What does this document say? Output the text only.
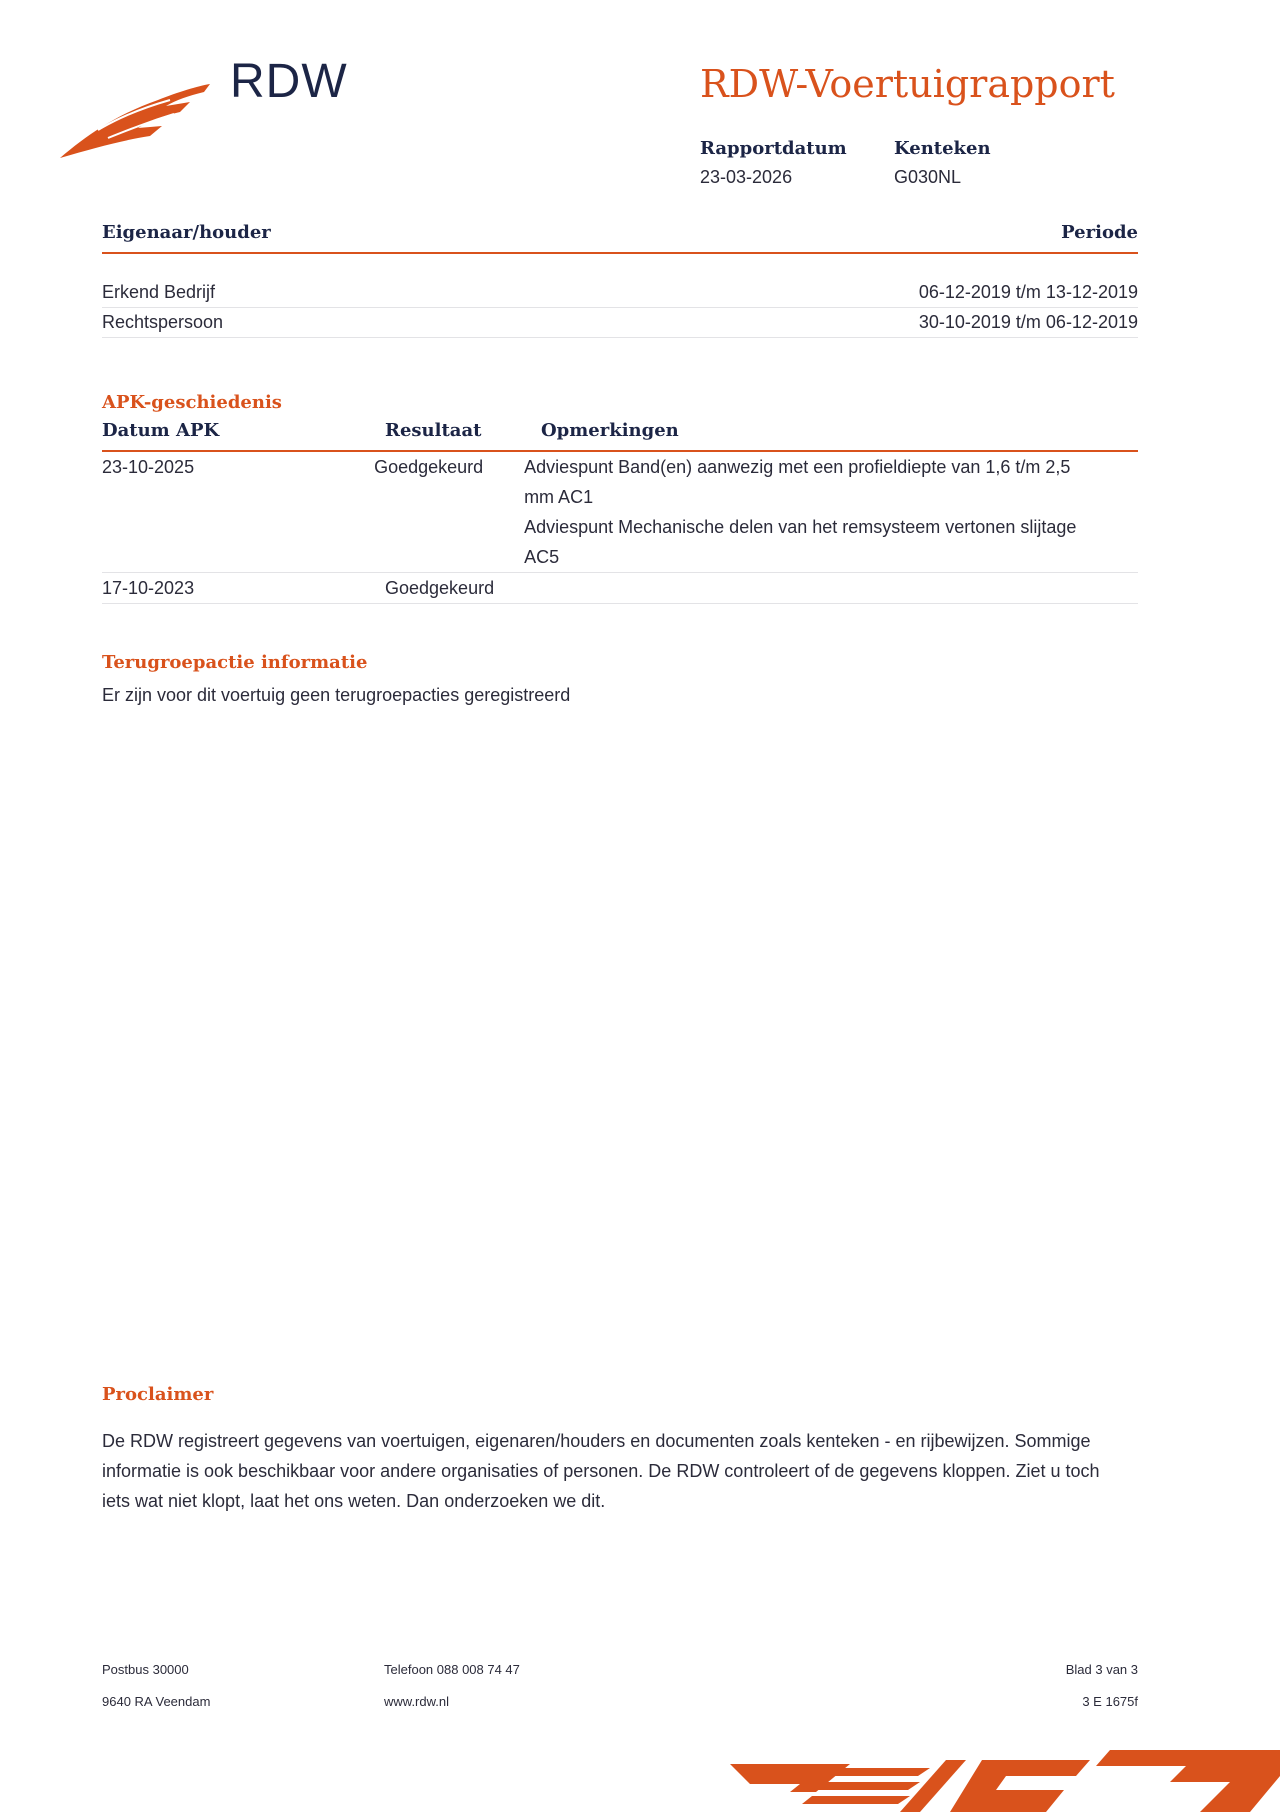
RDW	RDW-Voertuigrapport
Rapportdatum
23-03-2026
Kenteken
G030NL
Eigenaar/houder	Periode
Erkend Bedrijf	06-12-2019 t/m 13-12-2019
Rechtspersoon	30-10-2019 t/m 06-12-2019
APK-geschiedenis
Datum APK	Resultaat	Opmerkingen
23-10-2025	Goedgekeurd	Adviespunt Band(en) aanwezig met een profieldiepte van 1,6 t/m 2,5 mm AC1
Adviespunt Mechanische delen van het remsysteem vertonen slijtage AC5
17-10-2023	Goedgekeurd
Terugroepactie informatie
Er zijn voor dit voertuig geen terugroepacties geregistreerd
Proclaimer
De RDW registreert gegevens van voertuigen, eigenaren/houders en documenten zoals kenteken - en rijbewijzen. Sommige informatie is ook beschikbaar voor andere organisaties of personen. De RDW controleert of de gegevens kloppen. Ziet u toch iets wat niet klopt, laat het ons weten. Dan onderzoeken we dit.
Postbus 30000
9640 RA Veendam
Telefoon 088 008 74 47
www.rdw.nl
Blad 3 van 3
3 E 1675f
